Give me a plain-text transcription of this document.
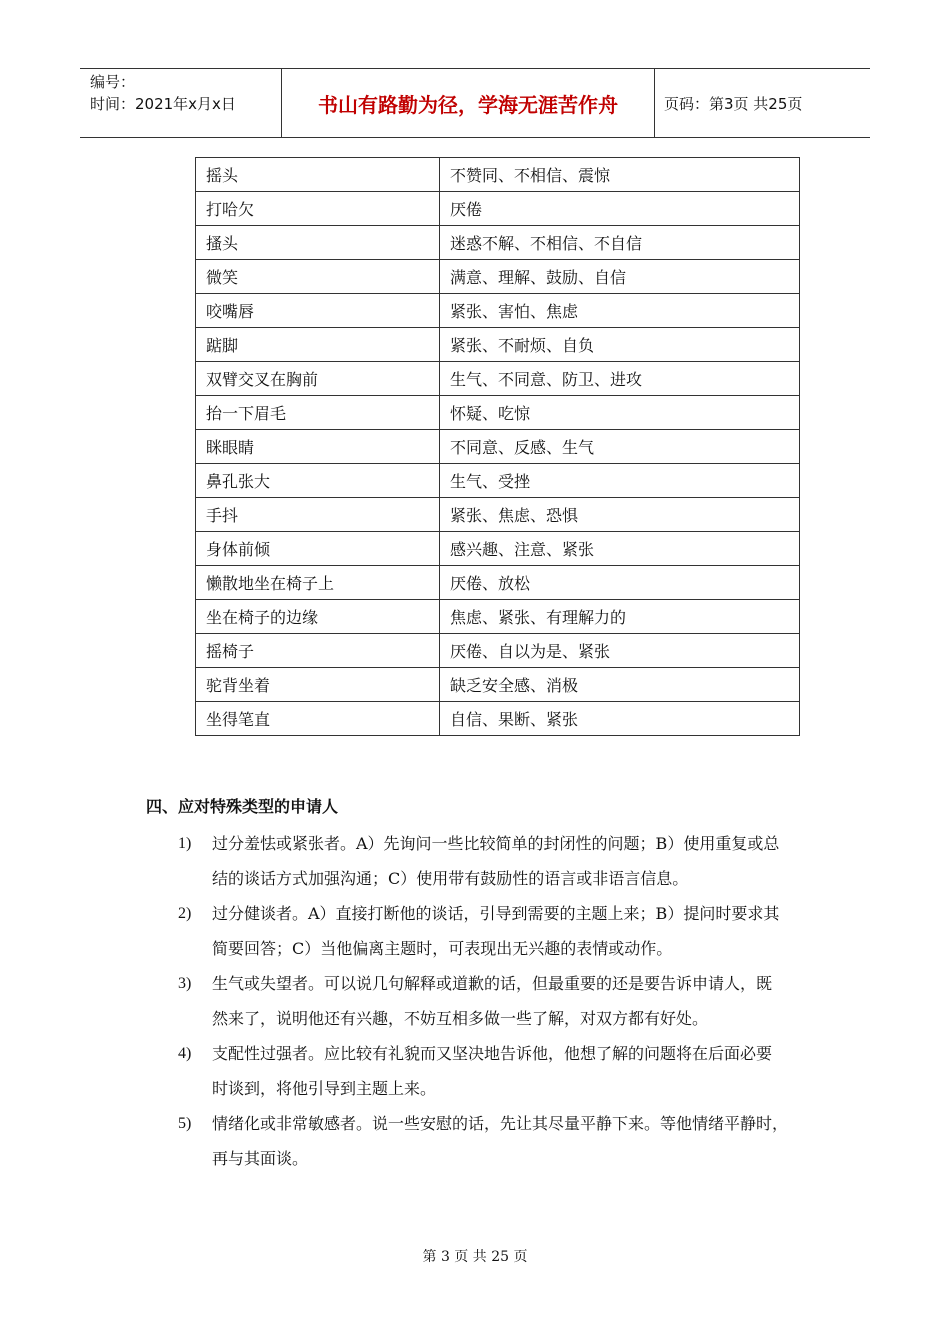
编号：
时间：2021年x月x日	书山有路勤为径，学海无涯苦作舟	页码：第3页 共25页
摇头	不赞同、不相信、震惊
打哈欠	厌倦
搔头	迷惑不解、不相信、不自信
微笑	满意、理解、鼓励、自信
咬嘴唇	紧张、害怕、焦虑
踮脚	紧张、不耐烦、自负
双臂交叉在胸前	生气、不同意、防卫、进攻
抬一下眉毛	怀疑、吃惊
眯眼睛	不同意、反感、生气
鼻孔张大	生气、受挫
手抖	紧张、焦虑、恐惧
身体前倾	感兴趣、注意、紧张
懒散地坐在椅子上	厌倦、放松
坐在椅子的边缘	焦虑、紧张、有理解力的
摇椅子	厌倦、自以为是、紧张
驼背坐着	缺乏安全感、消极
坐得笔直	自信、果断、紧张
四、应对特殊类型的申请人
1)	过分羞怯或紧张者。A）先询问一些比较简单的封闭性的问题；B）使用重复或总
结的谈话方式加强沟通；C）使用带有鼓励性的语言或非语言信息。
2)	过分健谈者。A）直接打断他的谈话，引导到需要的主题上来；B）提问时要求其
简要回答；C）当他偏离主题时，可表现出无兴趣的表情或动作。
3)	生气或失望者。可以说几句解释或道歉的话，但最重要的还是要告诉申请人，既
然来了，说明他还有兴趣，不妨互相多做一些了解，对双方都有好处。
4)	支配性过强者。应比较有礼貌而又坚决地告诉他，他想了解的问题将在后面必要
时谈到，将他引导到主题上来。
5)	情绪化或非常敏感者。说一些安慰的话，先让其尽量平静下来。等他情绪平静时，
再与其面谈。
第 3 页 共 25 页
